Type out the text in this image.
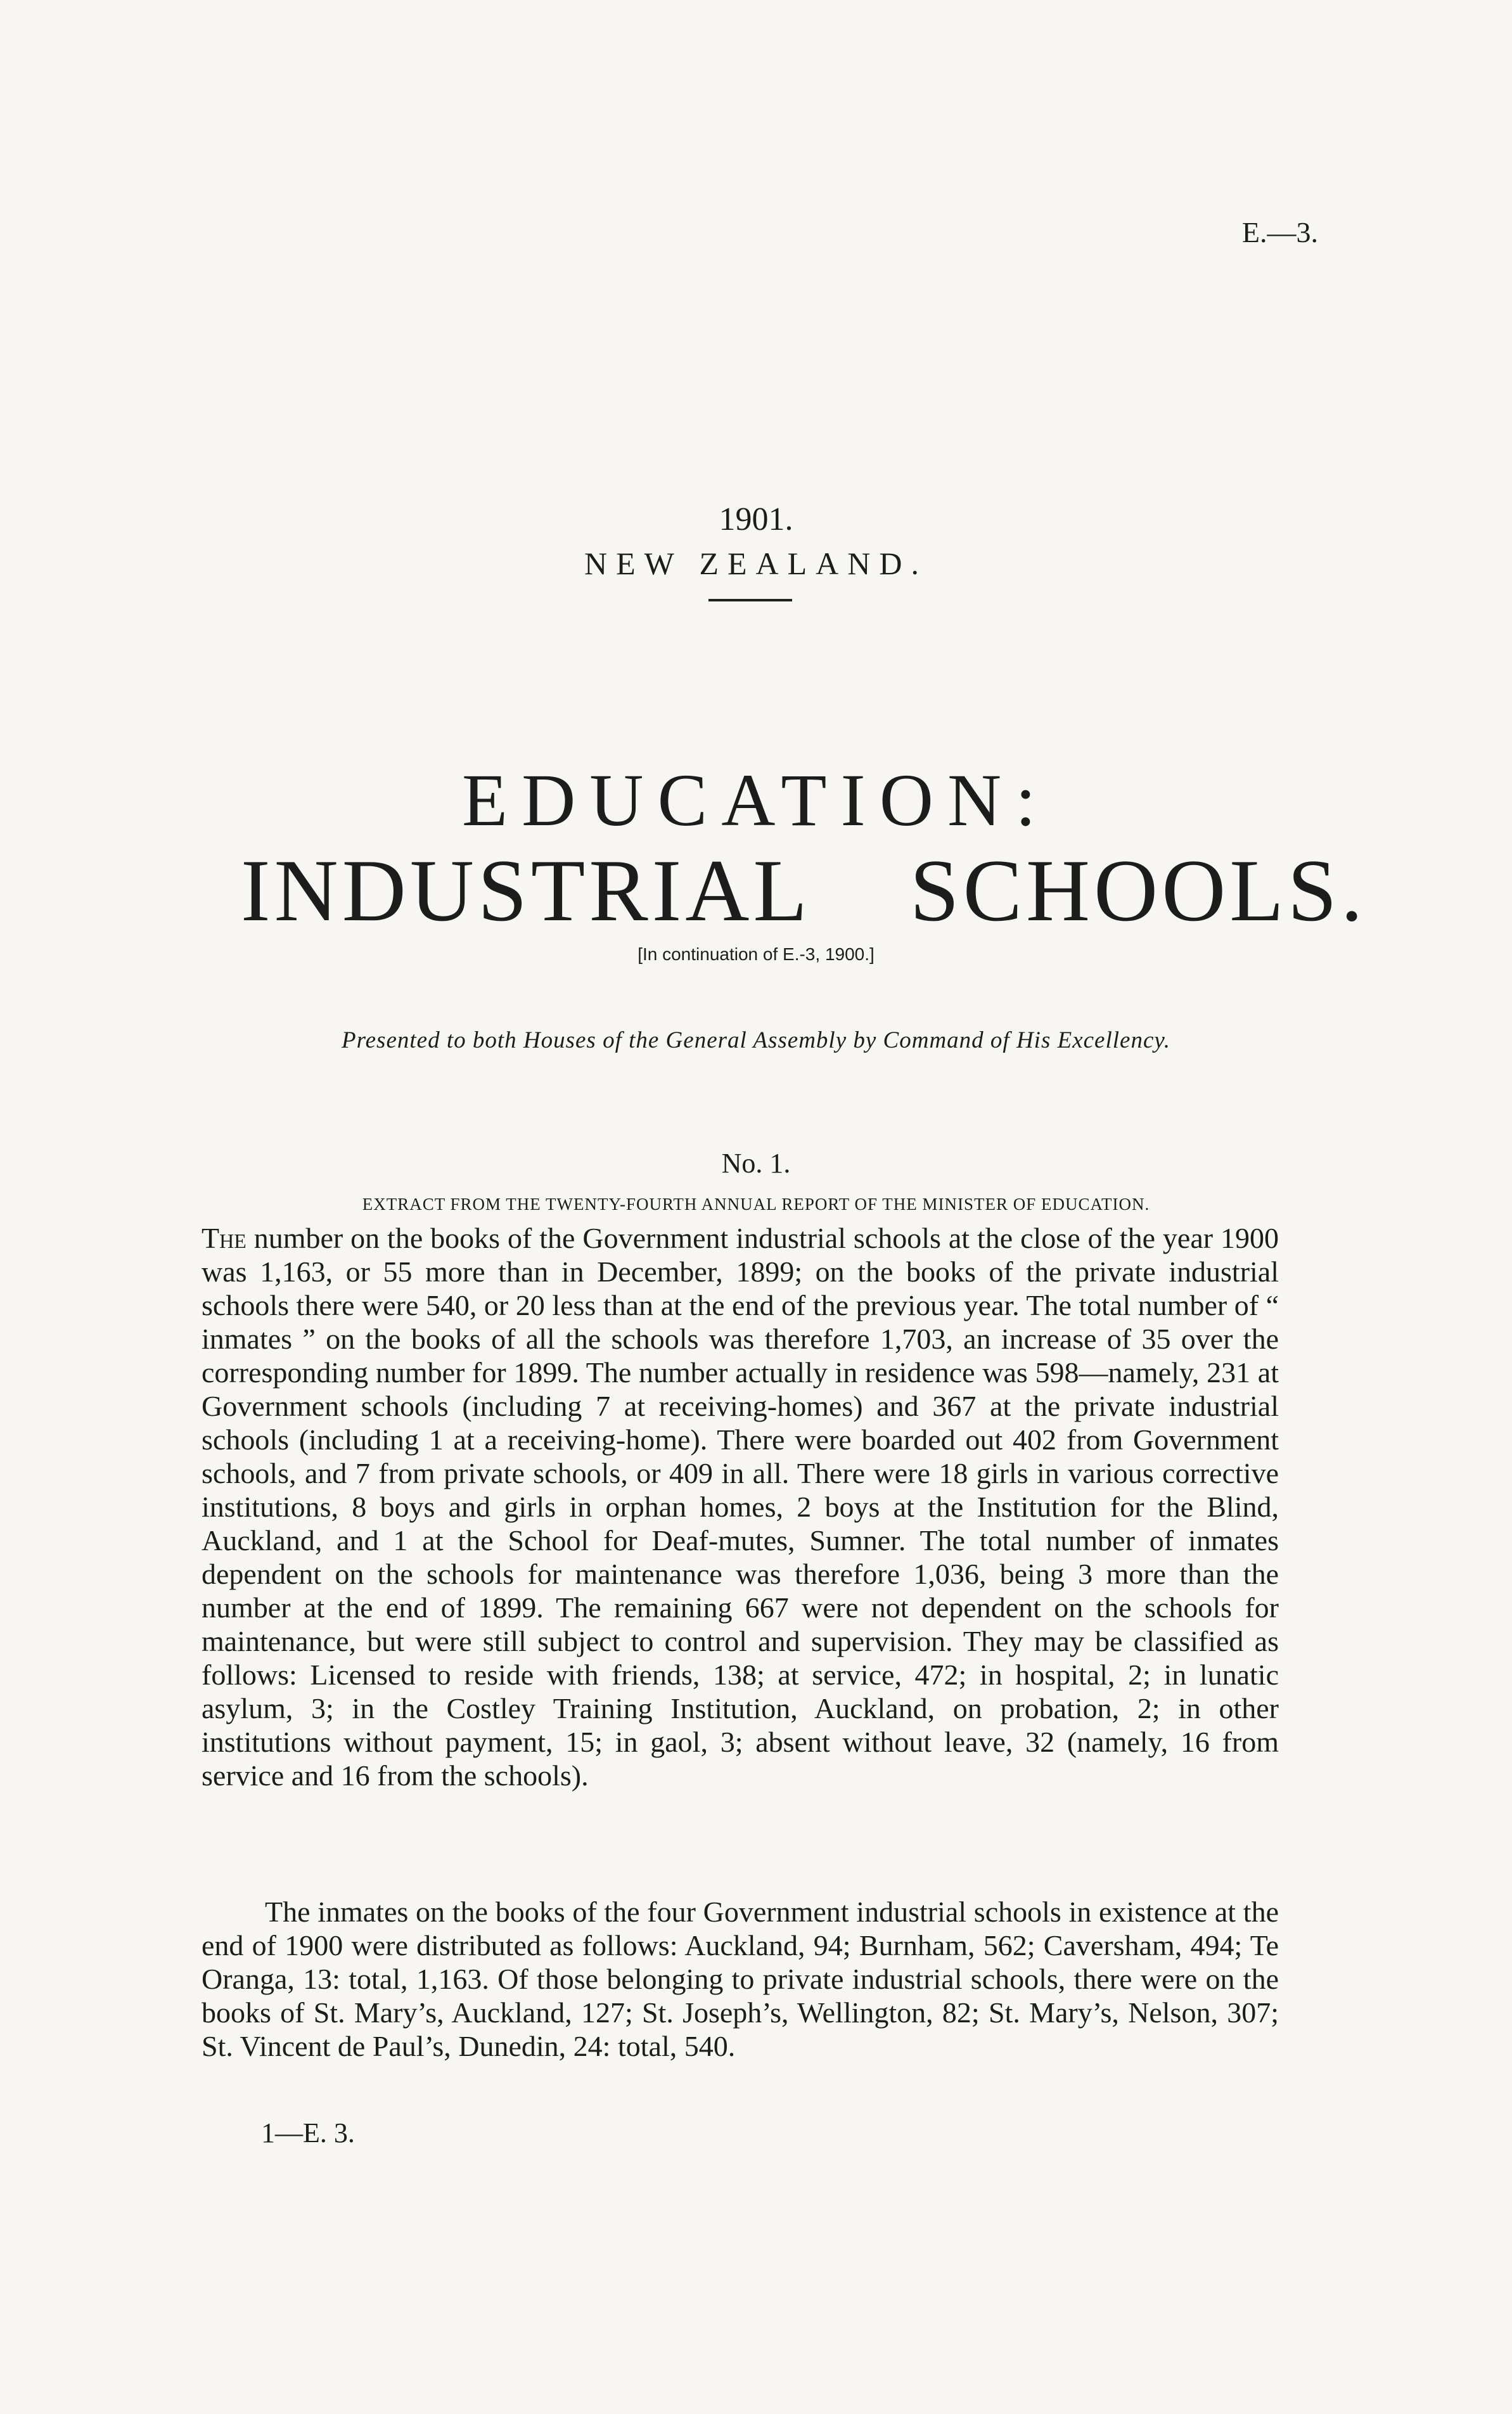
E.—3.
1901.
NEW ZEALAND.
EDUCATION:
INDUSTRIAL SCHOOLS.
[In continuation of E.-3, 1900.]
Presented to both Houses of the General Assembly by Command of His Excellency.
No. 1.
EXTRACT FROM THE TWENTY-FOURTH ANNUAL REPORT OF THE MINISTER OF EDUCATION.
The number on the books of the Government industrial schools at the close of the year 1900 was 1,163, or 55 more than in December, 1899; on the books of the private industrial schools there were 540, or 20 less than at the end of the previous year. The total number of “ inmates ” on the books of all the schools was therefore 1,703, an increase of 35 over the corresponding number for 1899. The number actually in residence was 598—namely, 231 at Government schools (including 7 at receiving-homes) and 367 at the private industrial schools (including 1 at a receiving-home). There were boarded out 402 from Government schools, and 7 from private schools, or 409 in all. There were 18 girls in various corrective institutions, 8 boys and girls in orphan homes, 2 boys at the Institution for the Blind, Auckland, and 1 at the School for Deaf-mutes, Sumner. The total number of inmates dependent on the schools for maintenance was therefore 1,036, being 3 more than the number at the end of 1899. The remaining 667 were not dependent on the schools for maintenance, but were still subject to control and supervision. They may be classified as follows: Licensed to reside with friends, 138; at service, 472; in hospital, 2; in lunatic asylum, 3; in the Costley Training Institution, Auckland, on probation, 2; in other institutions without payment, 15; in gaol, 3; absent without leave, 32 (namely, 16 from service and 16 from the schools).
The inmates on the books of the four Government industrial schools in existence at the end of 1900 were distributed as follows: Auckland, 94; Burnham, 562; Caversham, 494; Te Oranga, 13: total, 1,163. Of those belonging to private industrial schools, there were on the books of St. Mary’s, Auckland, 127; St. Joseph’s, Wellington, 82; St. Mary’s, Nelson, 307; St. Vincent de Paul’s, Dunedin, 24: total, 540.
1—E. 3.
